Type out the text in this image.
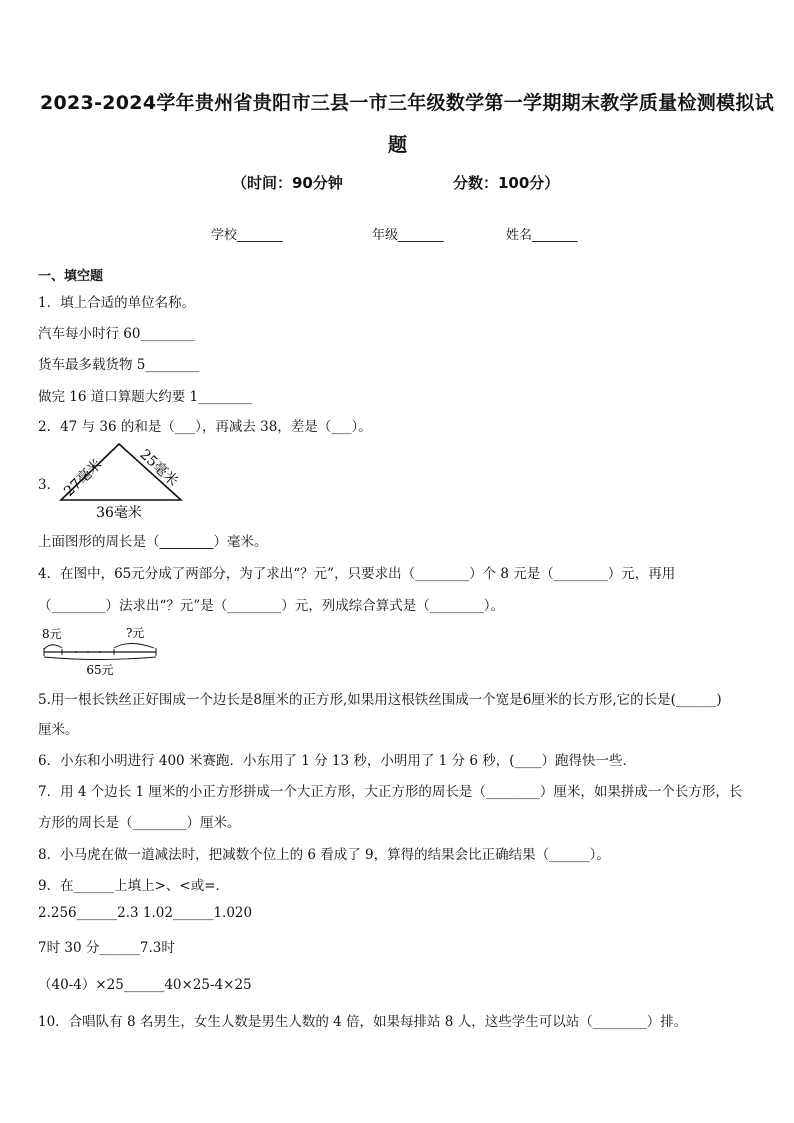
2023-2024学年贵州省贵阳市三县一市三年级数学第一学期期末教学质量检测模拟试
题
（时间：90分钟	分数：100分）
学校_______	年级_______	姓名_______
一、填空题
1．填上合适的单位名称。
汽车每小时行 60________
货车最多载货物 5________
做完 16 道口算题大约要 1________
2．47 与 36 的和是（___），再减去 38，差是（___）。
3． 27毫米 25毫米
36毫米
上面图形的周长是（________）毫米。
4．在图中，65元分成了两部分，为了求出“？元”，只要求出（________）个 8 元是（________）元，再用
（________）法求出“？元”是（________）元，列成综合算式是（________）。
8元	?元
65元
5.用一根长铁丝正好围成一个边长是8厘米的正方形,如果用这根铁丝围成一个宽是6厘米的长方形,它的长是(______)
厘米。
6．小东和小明进行 400 米赛跑．小东用了 1 分 13 秒，小明用了 1 分 6 秒，(____）跑得快一些．
7．用 4 个边长 1 厘米的小正方形拼成一个大正方形，大正方形的周长是（________）厘米，如果拼成一个长方形，长
方形的周长是（________）厘米。
8．小马虎在做一道减法时，把减数个位上的 6 看成了 9，算得的结果会比正确结果（______）。
9．在______上填上>、<或=．
2.256______2.3 1.02______1.020
7时 30 分______7.3时
（40-4）×25______40×25-4×25
10．合唱队有 8 名男生，女生人数是男生人数的 4 倍，如果每排站 8 人，这些学生可以站（________）排。
